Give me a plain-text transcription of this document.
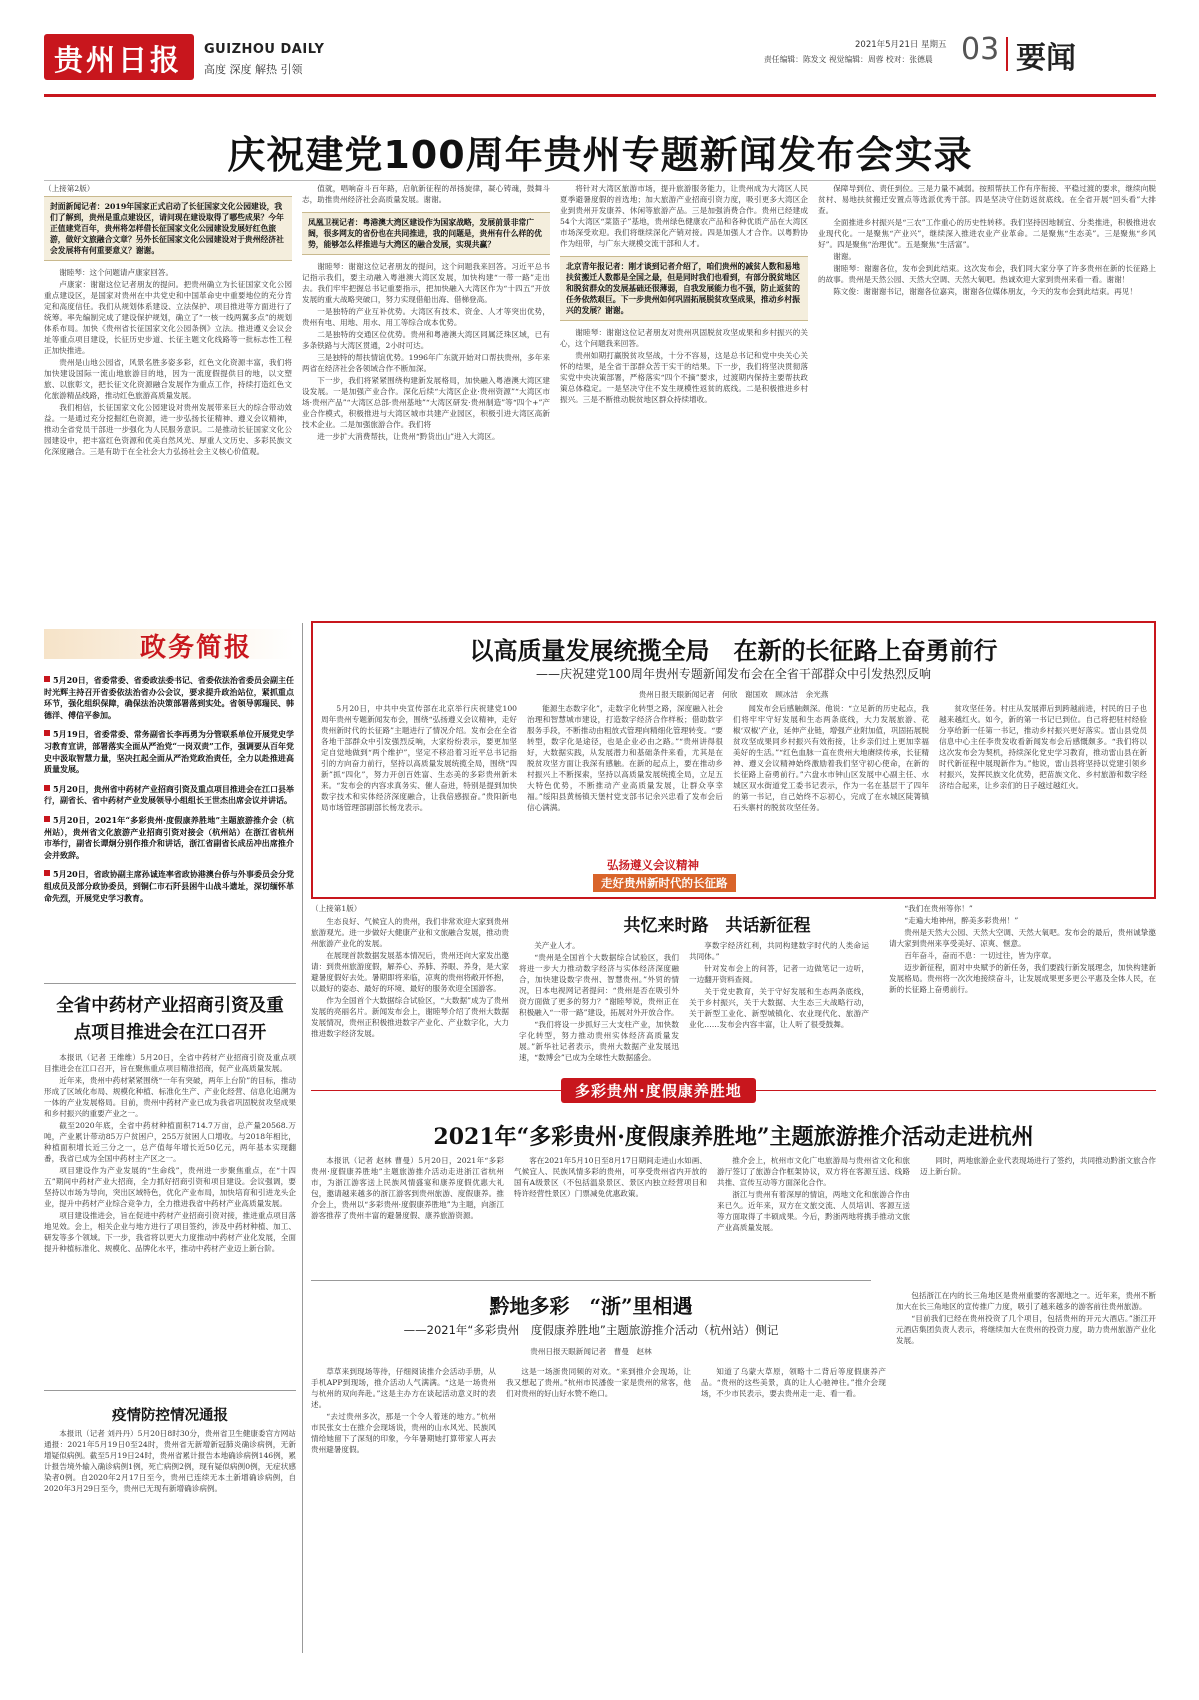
贵州日报 GUIZHOU DAILY
高度 深度 解热 引领
2021年5月21日 星期五
责任编辑：陈发文 视觉编辑：周蓉 校对：张德晨 03 要闻
庆祝建党100周年贵州专题新闻发布会实录
（上接第2版）
封面新闻记者：2019年国家正式启动了长征国家文化公园建设，我们了解到，贵州是重点建设区，请问现在建设取得了哪些成果？今年正值建党百年，贵州将怎样借长征国家文化公园建设发展好红色旅游，做好文旅融合文章？另外长征国家文化公园建设对于贵州经济社会发展将有何重要意义？谢谢。

谢睦琴：这个问题请卢康家回答。

卢康家：谢谢这位记者朋友的提问。把贵州确立为长征国家文化公园重点建设区，是国家对贵州在中共党史和中国革命史中重要地位的充分肯定和高度信任。我们从规划体系建设、立法保护、项目推进等方面进行了统筹。率先编制完成了建设保护规划，确立了“一核一线两翼多点”的规划体系布局。加快《贵州省长征国家文化公园条例》立法。推进遵义会议会址等重点项目建设，长征历史步道、长征主题文化线路等一批标志性工程正加快推进。

贵州是山地公园省，风景名胜多姿多彩，红色文化资源丰富，我们将加快建设国际一流山地旅游目的地，因为一流度假提供目的地，以文塑旅、以旅彰文，把长征文化资源融合发展作为重点工作，持续打造红色文化旅游精品线路，推动红色旅游高质量发展。

我们相信，长征国家文化公园建设对贵州发展带来巨大的综合带动效益。一是通过充分挖掘红色资源，进一步弘扬长征精神、遵义会议精神，推动全省党员干部进一步强化为人民服务意识。二是推动长征国家文化公园建设中，把丰富红色资源和优美自然风光、厚重人文历史、多彩民族文化深度融合。三是有助于在全社会大力弘扬社会主义核心价值观。

值就，唱响奋斗百年路，启航新征程的昂扬旋律，凝心铸魂，鼓舞斗志，助推贵州经济社会高质量发展。谢谢。

凤凰卫视记者：粤港澳大湾区建设作为国家战略，发展前景非常广阔，很多网友的省份也在共同推进，我的问题是，贵州有什么样的优势，能够怎么样推进与大湾区的融合发展，实现共赢？

谢睦琴：谢谢这位记者朋友的提问，这个问题我来回答。习近平总书记指示我们，要主动融入粤港澳大湾区发展，加快构建“一带一路”走出去。我们牢牢把握总书记重要指示，把加快融入大湾区作为“十四五”开放发展的重大战略突破口，努力实现借船出海、借梯登高。

一是独特的产业互补优势。大湾区有技术、资金、人才等突出优势，贵州有电、用地、用水、用工等综合成本优势。

二是独特的交通区位优势。贵州和粤港澳大湾区同属泛珠区域，已有多条铁路与大湾区贯通，2小时可达。

三是独特的帮扶情谊优势。1996年广东就开始对口帮扶贵州，多年来两省在经济社会各领域合作不断加深。

下一步，我们将紧紧围绕构建新发展格局，加快融入粤港澳大湾区建设发展。一是加强产业合作。深化后续“大湾区企业·贵州资源”“大湾区市场·贵州产品”“大湾区总部·贵州基地”“大湾区研发·贵州制造”等“四个+”产业合作模式，积极推进与大湾区城市共建产业园区，积极引进大湾区高新技术企业。二是加强旅游合作。我们将

进一步扩大消费帮扶，让贵州“黔货出山”进入大湾区。

将针对大湾区旅游市场，提升旅游服务能力，让贵州成为大湾区人民夏季避暑度假的首选地；加大旅游产业招商引资力度，吸引更多大湾区企业到贵州开发康养、休闲等旅游产品。三是加强消费合作。贵州已经建成54个大湾区“菜篮子”基地，贵州绿色健康农产品和各种优质产品在大湾区市场深受欢迎。我们将继续深化产销对接。四是加强人才合作。以粤黔协作为纽带，与广东大规模交流干部和人才。

北京青年报记者：刚才谈到记者介绍了，咱们贵州的减贫人数和易地扶贫搬迁人数都是全国之最，但是同时我们也看到，有部分脱贫地区和脱贫群众的发展基础还很薄弱，自我发展能力也不强，防止返贫的任务依然艰巨。下一步贵州如何巩固拓展脱贫攻坚成果，推动乡村振兴的发展？谢谢。

谢睦琴：谢谢这位记者朋友对贵州巩固脱贫攻坚成果和乡村振兴的关心，这个问题我来回答。

贵州如期打赢脱贫攻坚战，十分不容易，这是总书记和党中央关心关怀的结果，是全省干部群众苦干实干的结果。下一步，我们将坚决贯彻落实党中央决策部署，严格落实“四个不摘”要求，过渡期内保持主要帮扶政策总体稳定。一是坚决守住不发生规模性返贫的底线。二是积极推进乡村振兴。三是不断推动脱贫地区群众持续增收。

保障导到位、责任到位。三是力量不减弱。按照帮扶工作有序衔接、平稳过渡的要求，继续向脱贫村、易地扶贫搬迁安置点等选派优秀干部。四是坚决守住防返贫底线。在全省开展“回头看”大排查。

全面推进乡村振兴是“三农”工作重心的历史性转移。我们坚持因地制宜、分类推进，积极推进农业现代化。一是聚焦“产业兴”，继续深入推进农业产业革命。二是聚焦“生态美”。三是聚焦“乡风好”。四是聚焦“治理优”。五是聚焦“生活富”。

谢谢。

谢睦琴：谢谢各位，发布会到此结束。这次发布会，我们同大家分享了许多贵州在新的长征路上的故事。贵州是天然公园、天然大空调、天然大氧吧。热诚欢迎大家到贵州来看一看。谢谢！

陈文俊：谢谢谢书记，谢谢各位嘉宾，谢谢各位媒体朋友，今天的发布会到此结束。再见！

政务简报
5月20日，省委常委、省委政法委书记、省委依法治省委员会副主任时光辉主持召开省委依法治省办公会议，要求提升政治站位，紧抓重点环节，强化组织保障，确保法治决策部署落到实处。省领导郭瑞民、韩德洋、傅信平参加。
5月19日，省委常委、常务副省长李再勇为分管联系单位开展党史学习教育宣讲，部署落实全面从严治党“一岗双责”工作，强调要从百年党史中汲取智慧力量，坚决扛起全面从严治党政治责任，全力以赴推进高质量发展。
5月20日，贵州省中药材产业招商引资及重点项目推进会在江口县举行，副省长、省中药材产业发展领导小组组长王世杰出席会议并讲话。
5月20日，2021年“多彩贵州·度假康养胜地”主题旅游推介会（杭州站），贵州省文化旅游产业招商引资对接会（杭州站）在浙江省杭州市举行，副省长谭炯分别作推介和讲话，浙江省副省长成岳冲出席推介会并致辞。
5月20日，省政协副主席孙诚连率省政协港澳台侨与外事委员会分党组成员及部分政协委员，到铜仁市石阡县困牛山战斗遗址，深切缅怀革命先烈，开展党史学习教育。
以高质量发展统揽全局　在新的长征路上奋勇前行
——庆祝建党100周年贵州专题新闻发布会在全省干部群众中引发热烈反响
贵州日报天眼新闻记者　何欣　谢国欢　顾冰洁　余光燕

5月20日，中共中央宣传部在北京举行庆祝建党100周年贵州专题新闻发布会，围绕“弘扬遵义会议精神，走好贵州新时代的长征路”主题进行了情况介绍。发布会在全省各地干部群众中引发强烈反响，大家纷纷表示，要更加坚定自觉地做到“两个维护”，坚定不移沿着习近平总书记指引的方向奋力前行，坚持以高质量发展统揽全局，围绕“四新”抓“四化”，努力开创百姓富、生态美的多彩贵州新未来。“发布会的内容求真务实、催人奋进，特别是提到加快数字技术和实体经济深度融合，让我倍感振奋。”贵阳新电局市场管理部副部长杨龙表示。

能源生态数字化”，走数字化转型之路，深度融入社会治理和智慧城市建设，打造数字经济合作样板；借助数字服务手段，不断推动由粗放式管理向精细化管理转变。“要转型，数字化是途径，也是企业必由之路。”“贵州讲得很好，大数据实践，从发展潜力和基础条件来看，尤其是在脱贫攻坚方面让我深有感触。在新的起点上，要在推动乡村振兴上不断探索，坚持以高质量发展统揽全局，立足五大特色优势，不断推动产业高质量发展，让群众享幸福。”绥阳县黄杨镇天堡村党支部书记余兴忠看了发布会后信心满满。

闻发布会后感触颇深。他说：“立足新的历史起点，我们将牢牢守好发展和生态两条底线，大力发展旅游、花椒‘双椒’产业，延伸产业链，增强产业附加值，巩固拓展脱贫攻坚成果同乡村振兴有效衔接，让乡亲们过上更加幸福美好的生活。”“红色血脉一直在贵州大地赓续传承，长征精神、遵义会议精神始终激励着我们坚守初心使命，在新的长征路上奋勇前行。”六盘水市钟山区发展中心副主任、水城区双水街道党工委书记表示，作为一名在基层干了四年的第一书记，自己始终不忘初心，完成了在水城区陡箐镇石头寨村的脱贫攻坚任务。

贫攻坚任务。村庄从发展滞后到跨越前进，村民的日子也越来越红火。如今，新的第一书记已到位。自己将把驻村经验分享给新一任第一书记，推动乡村振兴更好落实。雷山县党员信息中心主任李贵发收看新闻发布会后感慨颇多。“我们将以这次发布会为契机，持续深化党史学习教育，推动雷山县在新时代新征程中展现新作为。”他说，雷山县将坚持以党建引领乡村振兴，发挥民族文化优势，把苗族文化、乡村旅游和数字经济结合起来，让乡亲们的日子越过越红火。

弘扬遵义会议精神
走好贵州新时代的长征路
（上接第1版）
共忆来时路　共话新征程

生态良好、气候宜人的贵州，我们非常欢迎大家到贵州旅游观光。进一步做好大健康产业和文旅融合发展，推动贵州旅游产业化的发展。

在展现首款数据发展基本情况后，贵州还向大家发出邀请：到贵州旅游度假，解养心、养肺、养眼、养身，是大家避暑度假好去处。暑期即将来临，凉爽的贵州将敞开怀抱，以最好的姿态、最好的环境、最好的服务欢迎全国游客。

作为全国首个大数据综合试验区，“大数据”成为了贵州发展的亮丽名片。新闻发布会上，谢睦琴介绍了贵州大数据发展情况，贵州正积极推进数字产业化、产业数字化，大力推进数字经济发展。

关产业人才。

“贵州是全国首个大数据综合试验区，我们将进一步大力推动数字经济与实体经济深度融合，加快建设数字贵州、智慧贵州。”外贸的情况，日本电视网记者提问：“贵州是否在吸引外资方面做了更多的努力？”谢睦琴说，贵州正在积极融入“一带一路”建设，拓展对外开放合作。

“我们将设一步抓好三大支柱产业，加快数字化转型，努力推动贵州实体经济高质量发展。”新华社记者表示，贵州大数据产业发展迅速，“数博会”已成为全球性大数据盛会。

享数字经济红利，共同构建数字时代的人类命运共同体。”

针对发布会上的问答，记者一边做笔记一边听，一边翻开资料查阅。

关于党史教育，关于守好发展和生态两条底线，关于乡村振兴，关于大数据、大生态三大战略行动，关于新型工业化、新型城镇化、农业现代化、旅游产业化……发布会内容丰富，让人听了很受鼓舞。

“我们在贵州等你！”

“走遍大地神州，醉美多彩贵州！”

贵州是天然大公园、天然大空调、天然大氧吧。发布会的最后，贵州诚挚邀请大家到贵州来享受美好、凉爽、惬意。

百年奋斗，奋而不息：一切过往，皆为序章。

迈步新征程，面对中央赋予的新任务，我们要践行新发展理念，加快构建新发展格局。贵州将一次次地接续奋斗，让发展成果更多更公平惠及全体人民，在新的长征路上奋勇前行。

全省中药材产业招商引资及重点项目推进会在江口召开

本报讯（记者 王维维）5月20日，全省中药材产业招商引资及重点项目推进会在江口召开，旨在聚焦重点项目精准招商，促产业高质量发展。

近年来，贵州中药材紧紧围绕“一年有突破，两年上台阶”的目标，推动形成了区域化布局、规模化种植、标准化生产、产业化经营、信息化追溯为一体的产业发展格局。目前，贵州中药材产业已成为我省巩固脱贫攻坚成果和乡村振兴的重要产业之一。

截至2020年底，全省中药材种植面积714.7万亩，总产量20568.万吨，产业累计带动85万户贫困户，255万贫困人口增收。与2018年相比，种植面积增长近三分之一，总产值每年增长近50亿元，两年基本实现翻番，我省已成为全国中药材主产区之一。

项目建设作为产业发展的“生命线”，贵州进一步聚焦重点，在“十四五”期间中药材产业大招商，全力抓好招商引资和项目建设。会议强调，要坚持以市场为导向，突出区域特色，优化产业布局，加快培育和引进龙头企业，提升中药材产业综合竞争力，全力推进我省中药材产业高质量发展。

项目建设推进会，旨在促进中药材产业招商引资对接，推进重点项目落地见效。会上，相关企业与地方进行了项目签约，涉及中药材种植、加工、研发等多个领域。下一步，我省将以更大力度推动中药材产业化发展，全面提升种植标准化、规模化、品牌化水平，推动中药材产业迈上新台阶。

疫情防控情况通报

本报讯（记者 刘丹丹）5月20日8时30分，贵州省卫生健康委官方网站通报：2021年5月19日0至24时，贵州省无新增新冠肺炎确诊病例，无新增疑似病例。截至5月19日24时，贵州省累计报告本地确诊病例146例，累计报告境外输入确诊病例1例，死亡病例2例，现有疑似病例0例，无症状感染者0例。自2020年2月17日至今，贵州已连续无本土新增确诊病例，自2020年3月29日至今，贵州已无现有新增确诊病例。

多彩贵州·度假康养胜地
2021年“多彩贵州·度假康养胜地”主题旅游推介活动走进杭州

本报讯（记者 赵林 曹曼）5月20日，2021年“多彩贵州·度假康养胜地”主题旅游推介活动走进浙江省杭州市，为浙江游客送上民族风情盛宴和康养度假优惠大礼包，邀请越来越多的浙江游客到贵州旅游、度假康养。推介会上，贵州以“多彩贵州·度假康养胜地”为主题，向浙江游客推荐了贵州丰富的避暑度假、康养旅游资源。

客在2021年5月10日至8月17日期间走进山水如画、气候宜人、民族风情多彩的贵州，可享受贵州省内开放的国有A级景区（不包括温泉景区、景区内独立经营项目和特许经营性景区）门票减免优惠政策。

推介会上，杭州市文化广电旅游局与贵州省文化和旅游厅签订了旅游合作框架协议，双方将在客源互送、线路共推、宣传互动等方面深化合作。

浙江与贵州有着深厚的情谊，两地文化和旅游合作由来已久。近年来，双方在文旅交流、人员培训、客源互送等方面取得了丰硕成果。今后，黔浙两地将携手推动文旅产业高质量发展。

同时，两地旅游企业代表现场进行了签约，共同推动黔浙文旅合作迈上新台阶。

黔地多彩　“浙”里相遇
——2021年“多彩贵州　度假康养胜地”主题旅游推介活动（杭州站）侧记
贵州日报天眼新闻记者　曹曼　赵林

草草来到现场等待，仔细阅读推介会活动手册，从手机APP到现场，推介活动人气满满。“这是一场贵州与杭州的双向奔赴。”这是主办方在谈起活动意义时的表述。

“去过贵州多次，那是一个令人着迷的地方。”杭州市民张女士在推介会现场说，贵州的山水风光、民族风情给她留下了深刻的印象，今年暑期她打算带家人再去贵州避暑度假。

这是一场浙贵同频的对欢。“来到推介会现场，让我又想起了贵州。”杭州市民潘俊一家是贵州的常客，他们对贵州的好山好水赞不绝口。

知道了乌蒙大草原，领略十二背后等度假康养产品。“贵州的这些美景，真的让人心驰神往。”推介会现场，不少市民表示，要去贵州走一走、看一看。

包括浙江在内的长三角地区是贵州重要的客源地之一。近年来，贵州不断加大在长三角地区的宣传推广力度，吸引了越来越多的游客前往贵州旅游。

“目前我们已经在贵州投资了几个项目，包括贵州的开元大酒店。”浙江开元酒店集团负责人表示，将继续加大在贵州的投资力度，助力贵州旅游产业化发展。
